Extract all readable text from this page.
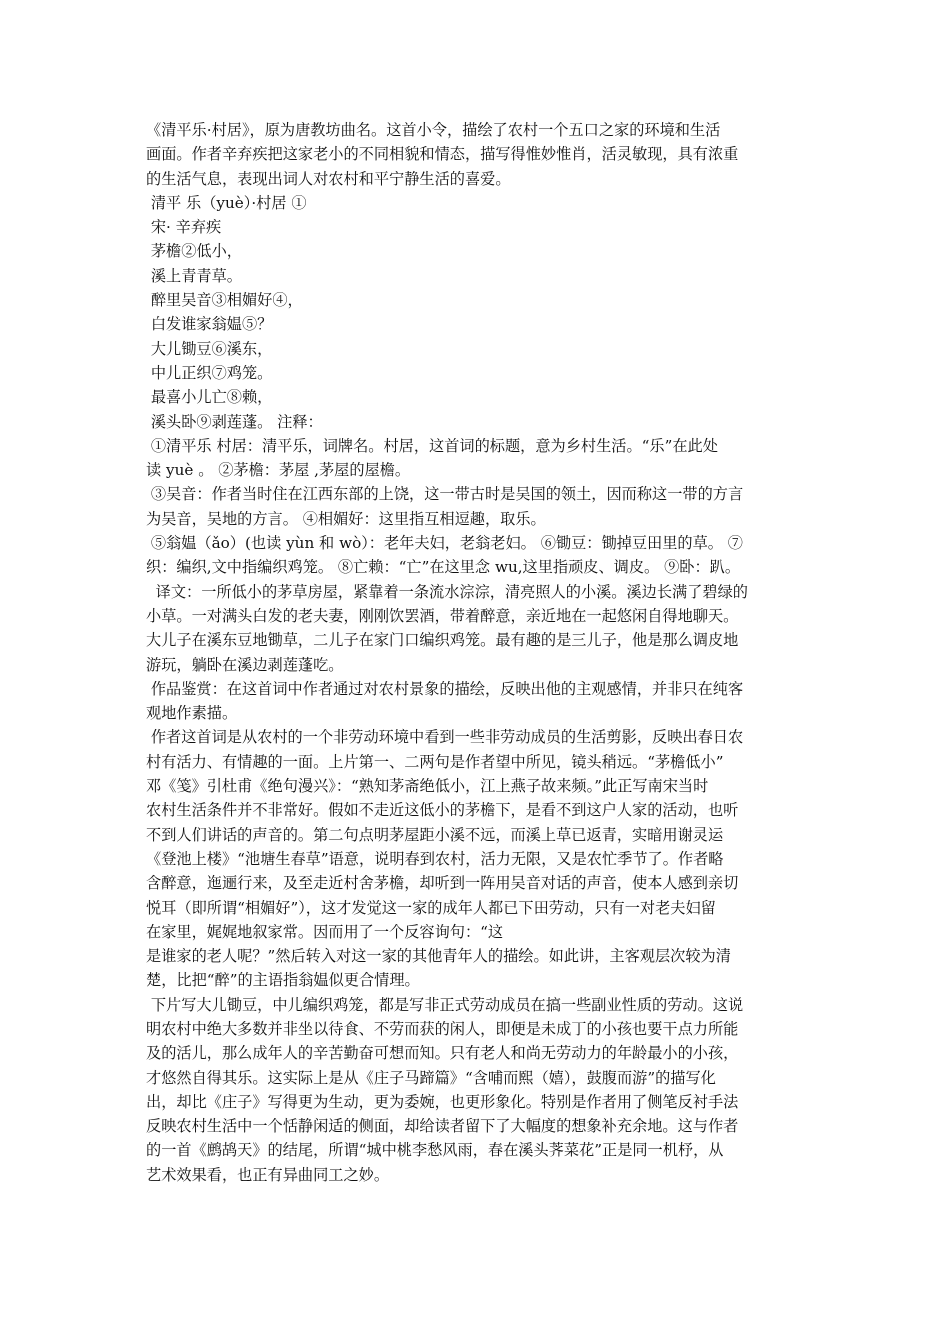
《清平乐·村居》，原为唐教坊曲名。这首小令，描绘了农村一个五口之家的环境和生活
画面。作者辛弃疾把这家老小的不同相貌和情态，描写得惟妙惟肖，活灵敏现，具有浓重
的生活气息，表现出词人对农村和平宁静生活的喜爱。
清平 乐（yuè）·村居 ①
宋· 辛弃疾
茅檐②低小，
溪上青青草。
醉里吴音③相媚好④，
白发谁家翁媪⑤？
大儿锄豆⑥溪东，
中儿正织⑦鸡笼。
最喜小儿亡⑧赖，
溪头卧⑨剥莲蓬。 注释：
①清平乐 村居：清平乐，词牌名。村居，这首词的标题，意为乡村生活。“乐”在此处
读 yuè 。 ②茅檐：茅屋 ,茅屋的屋檐。
③吴音：作者当时住在江西东部的上饶，这一带古时是吴国的领土，因而称这一带的方言
为吴音，吴地的方言。 ④相媚好：这里指互相逗趣，取乐。
⑤翁媪（ǎo）(也读 yùn 和 wò）：老年夫妇，老翁老妇。 ⑥锄豆：锄掉豆田里的草。 ⑦
织：编织,文中指编织鸡笼。 ⑧亡赖：“亡”在这里念 wu,这里指顽皮、调皮。 ⑨卧：趴。
译文：一所低小的茅草房屋，紧靠着一条流水淙淙，清亮照人的小溪。溪边长满了碧绿的
小草。一对满头白发的老夫妻，刚刚饮罢酒，带着醉意，亲近地在一起悠闲自得地聊天。
大儿子在溪东豆地锄草，二儿子在家门口编织鸡笼。最有趣的是三儿子，他是那么调皮地
游玩，躺卧在溪边剥莲蓬吃。
作品鉴赏：在这首词中作者通过对农村景象的描绘，反映出他的主观感情，并非只在纯客
观地作素描。
作者这首词是从农村的一个非劳动环境中看到一些非劳动成员的生活剪影，反映出春日农
村有活力、有情趣的一面。上片第一、二两句是作者望中所见，镜头稍远。“茅檐低小”
邓《笺》引杜甫《绝句漫兴》：“熟知茅斋绝低小，江上燕子故来频。”此正写南宋当时
农村生活条件并不非常好。假如不走近这低小的茅檐下，是看不到这户人家的活动，也听
不到人们讲话的声音的。第二句点明茅屋距小溪不远，而溪上草已返青，实暗用谢灵运
《登池上楼》“池塘生春草”语意，说明春到农村，活力无限，又是农忙季节了。作者略
含醉意，迤逦行来，及至走近村舍茅檐，却听到一阵用吴音对话的声音，使本人感到亲切
悦耳（即所谓“相媚好”），这才发觉这一家的成年人都已下田劳动，只有一对老夫妇留
在家里，娓娓地叙家常。因而用了一个反容询句：“这
是谁家的老人呢？”然后转入对这一家的其他青年人的描绘。如此讲，主客观层次较为清
楚，比把“醉”的主语指翁媪似更合情理。
下片写大儿锄豆，中儿编织鸡笼，都是写非正式劳动成员在搞一些副业性质的劳动。这说
明农村中绝大多数并非坐以待食、不劳而获的闲人，即便是未成丁的小孩也要干点力所能
及的活儿，那么成年人的辛苦勤奋可想而知。只有老人和尚无劳动力的年龄最小的小孩，
才悠然自得其乐。这实际上是从《庄子马蹄篇》“含哺而熙（嬉），鼓腹而游”的描写化
出，却比《庄子》写得更为生动，更为委婉，也更形象化。特别是作者用了侧笔反衬手法
反映农村生活中一个恬静闲适的侧面，却给读者留下了大幅度的想象补充余地。这与作者
的一首《鹧鸪天》的结尾，所谓“城中桃李愁风雨，春在溪头荠菜花”正是同一机杼，从
艺术效果看，也正有异曲同工之妙。
